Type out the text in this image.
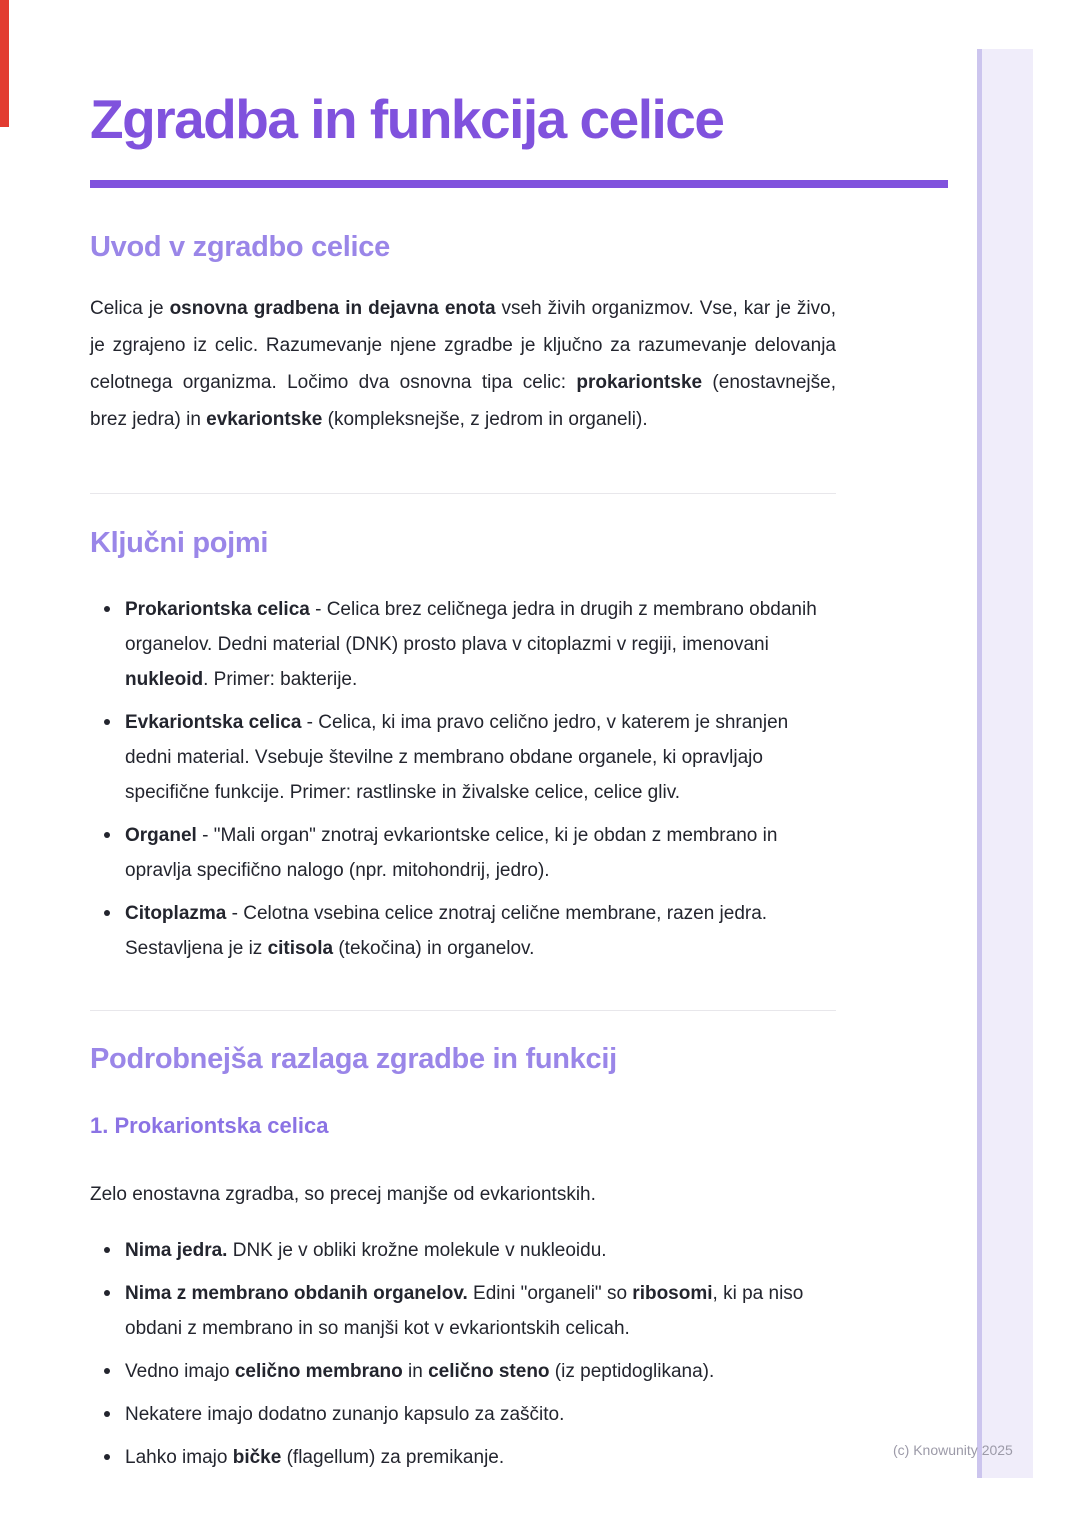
Zgradba in funkcija celice
Uvod v zgradbo celice

Celica je osnovna gradbena in dejavna enota vseh živih organizmov. Vse, kar je živo, je zgrajeno iz celic. Razumevanje njene zgradbe je ključno za razumevanje delovanja celotnega organizma. Ločimo dva osnovna tipa celic: prokariontske (enostavnejše, brez jedra) in evkariontske (kompleksnejše, z jedrom in organeli).

Ključni pojmi
Prokariontska celica - Celica brez celičnega jedra in drugih z membrano obdanih organelov. Dedni material (DNK) prosto plava v citoplazmi v regiji, imenovani nukleoid. Primer: bakterije.
Evkariontska celica - Celica, ki ima pravo celično jedro, v katerem je shranjen dedni material. Vsebuje številne z membrano obdane organele, ki opravljajo specifične funkcije. Primer: rastlinske in živalske celice, celice gliv.
Organel - "Mali organ" znotraj evkariontske celice, ki je obdan z membrano in opravlja specifično nalogo (npr. mitohondrij, jedro).
Citoplazma - Celotna vsebina celice znotraj celične membrane, razen jedra. Sestavljena je iz citisola (tekočina) in organelov.
Podrobnejša razlaga zgradbe in funkcij
1. Prokariontska celica

Zelo enostavna zgradba, so precej manjše od evkariontskih.

Nima jedra. DNK je v obliki krožne molekule v nukleoidu.
Nima z membrano obdanih organelov. Edini "organeli" so ribosomi, ki pa niso obdani z membrano in so manjši kot v evkariontskih celicah.
Vedno imajo celično membrano in celično steno (iz peptidoglikana).
Nekatere imajo dodatno zunanjo kapsulo za zaščito.
Lahko imajo bičke (flagellum) za premikanje.	(c) Knowunity 2025
